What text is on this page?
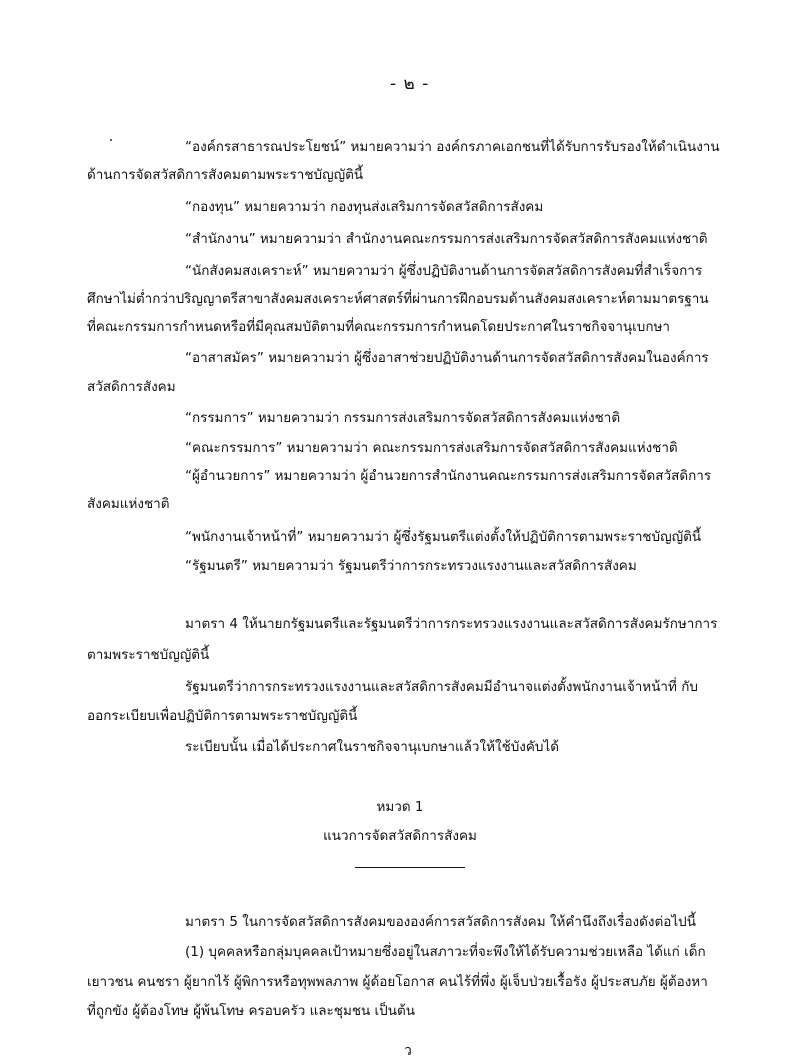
- ๒ -
“องค์กรสาธารณประโยชน์” หมายความว่า องค์กรภาคเอกชนที่ได้รับการรับรองให้ดำเนินงาน
ด้านการจัดสวัสดิการสังคมตามพระราชบัญญัตินี้
“กองทุน” หมายความว่า กองทุนส่งเสริมการจัดสวัสดิการสังคม
“สำนักงาน” หมายความว่า สำนักงานคณะกรรมการส่งเสริมการจัดสวัสดิการสังคมแห่งชาติ
“นักสังคมสงเคราะห์” หมายความว่า ผู้ซึ่งปฏิบัติงานด้านการจัดสวัสดิการสังคมที่สำเร็จการ
ศึกษาไม่ต่ำกว่าปริญญาตรีสาขาสังคมสงเคราะห์ศาสตร์ที่ผ่านการฝึกอบรมด้านสังคมสงเคราะห์ตามมาตรฐาน
ที่คณะกรรมการกำหนดหรือที่มีคุณสมบัติตามที่คณะกรรมการกำหนดโดยประกาศในราชกิจจานุเบกษา
“อาสาสมัคร” หมายความว่า ผู้ซึ่งอาสาช่วยปฏิบัติงานด้านการจัดสวัสดิการสังคมในองค์การ
สวัสดิการสังคม
“กรรมการ” หมายความว่า กรรมการส่งเสริมการจัดสวัสดิการสังคมแห่งชาติ
“คณะกรรมการ” หมายความว่า คณะกรรมการส่งเสริมการจัดสวัสดิการสังคมแห่งชาติ
“ผู้อำนวยการ” หมายความว่า ผู้อำนวยการสำนักงานคณะกรรมการส่งเสริมการจัดสวัสดิการ
สังคมแห่งชาติ
“พนักงานเจ้าหน้าที่” หมายความว่า ผู้ซึ่งรัฐมนตรีแต่งตั้งให้ปฏิบัติการตามพระราชบัญญัตินี้
“รัฐมนตรี” หมายความว่า รัฐมนตรีว่าการกระทรวงแรงงานและสวัสดิการสังคม
มาตรา 4 ให้นายกรัฐมนตรีและรัฐมนตรีว่าการกระทรวงแรงงานและสวัสดิการสังคมรักษาการ
ตามพระราชบัญญัตินี้
รัฐมนตรีว่าการกระทรวงแรงงานและสวัสดิการสังคมมีอำนาจแต่งตั้งพนักงานเจ้าหน้าที่ กับ
ออกระเบียบเพื่อปฏิบัติการตามพระราชบัญญัตินี้
ระเบียบนั้น เมื่อได้ประกาศในราชกิจจานุเบกษาแล้วให้ใช้บังคับได้
หมวด 1
แนวการจัดสวัสดิการสังคม
มาตรา 5 ในการจัดสวัสดิการสังคมขององค์การสวัสดิการสังคม ให้คำนึงถึงเรื่องดังต่อไปนี้
(1) บุคคลหรือกลุ่มบุคคลเป้าหมายซึ่งอยู่ในสภาวะที่จะพึงให้ได้รับความช่วยเหลือ ได้แก่ เด็ก
เยาวชน คนชรา ผู้ยากไร้ ผู้พิการหรือทุพพลภาพ ผู้ด้อยโอกาส คนไร้ที่พึ่ง ผู้เจ็บป่วยเรื้อรัง ผู้ประสบภัย ผู้ต้องหา
ที่ถูกขัง ผู้ต้องโทษ ผู้พ้นโทษ ครอบครัว และชุมชน เป็นต้น
ว
